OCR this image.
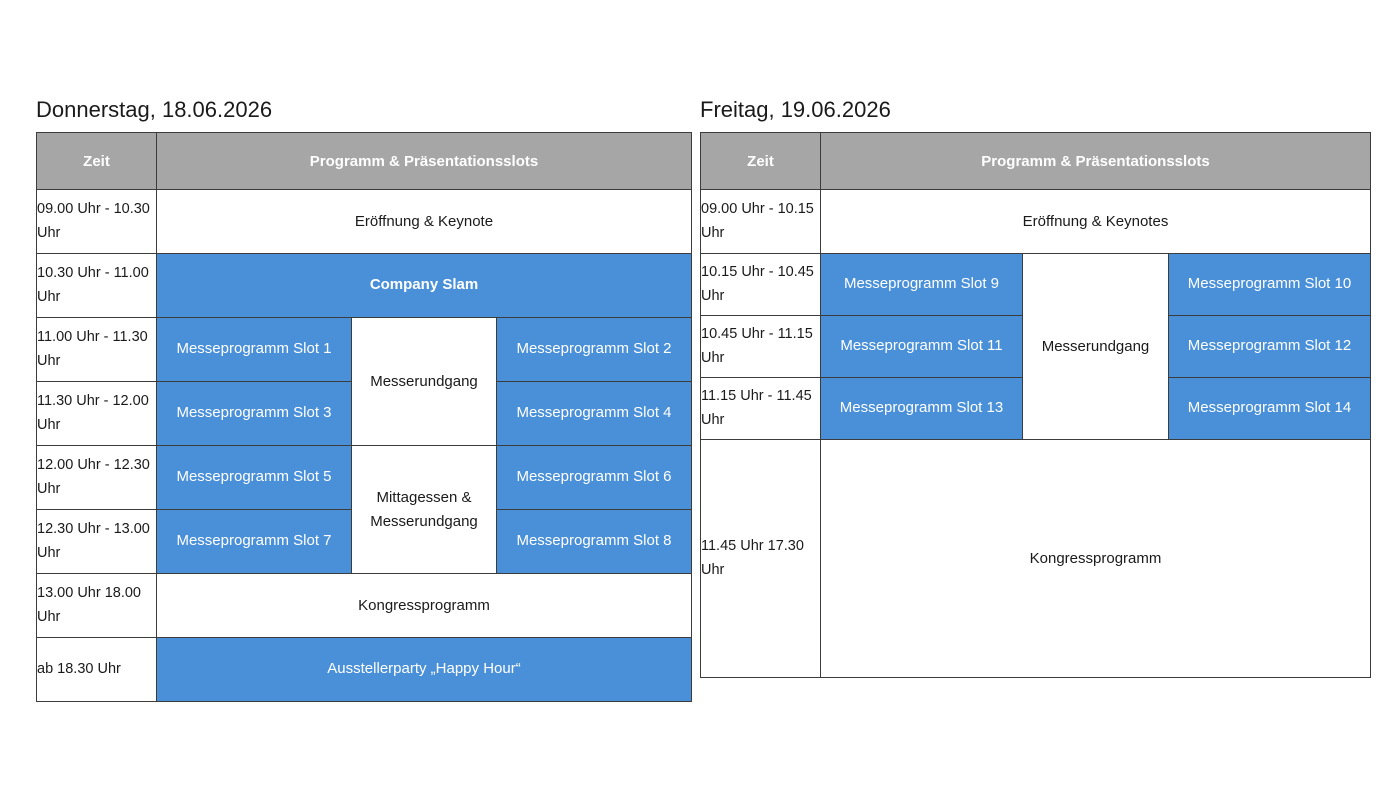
Donnerstag, 18.06.2026
Zeit	Programm & Präsentationsslots		
09.00 Uhr - 10.30 Uhr	Eröffnung & Keynote		
10.30 Uhr - 11.00 Uhr	Company Slam		
11.00 Uhr - 11.30 Uhr	Messeprogramm Slot 1	Messerundgang	Messeprogramm Slot 2
11.30 Uhr - 12.00 Uhr	Messeprogramm Slot 3		Messeprogramm Slot 4
12.00 Uhr - 12.30 Uhr	Messeprogramm Slot 5	Mittagessen & Messerundgang	Messeprogramm Slot 6
12.30 Uhr - 13.00 Uhr	Messeprogramm Slot 7		Messeprogramm Slot 8
13.00 Uhr 18.00 Uhr	Kongressprogramm		
ab 18.30 Uhr	Ausstellerparty „Happy Hour“		
Freitag, 19.06.2026
Zeit	Programm & Präsentationsslots		
09.00 Uhr - 10.15 Uhr	Eröffnung & Keynotes		
10.15 Uhr - 10.45 Uhr	Messeprogramm Slot 9	Messerundgang	Messeprogramm Slot 10
10.45 Uhr - 11.15 Uhr	Messeprogramm Slot 11		Messeprogramm Slot 12
11.15 Uhr - 11.45 Uhr	Messeprogramm Slot 13		Messeprogramm Slot 14
11.45 Uhr 17.30 Uhr	Kongressprogramm		
